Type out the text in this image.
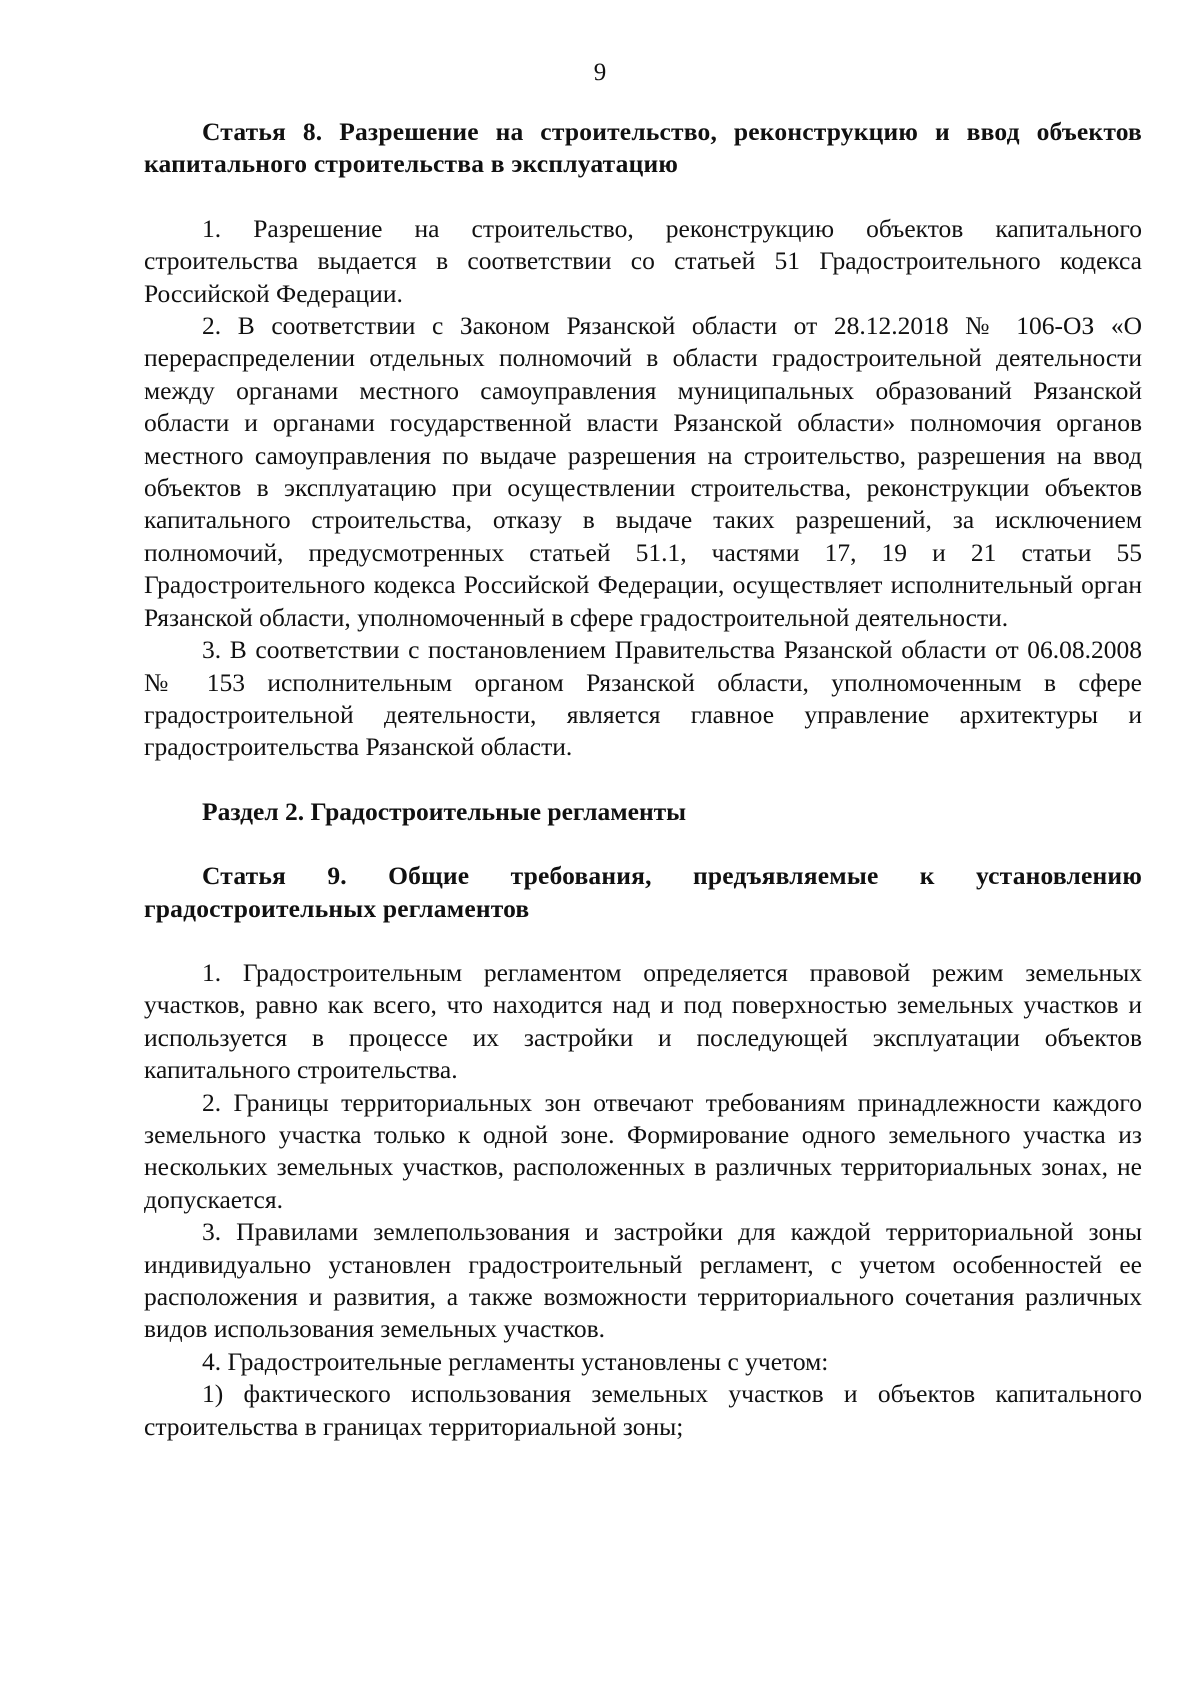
9
Статья 8. Разрешение на строительство, реконструкцию и ввод объектов капитального строительства в эксплуатацию

1. Разрешение на строительство, реконструкцию объектов капитального строительства выдается в соответствии со статьей 51 Градостроительного кодекса Российской Федерации.

2. В соответствии с Законом Рязанской области от 28.12.2018 № 106-ОЗ «О перераспределении отдельных полномочий в области градостроительной деятельности между органами местного самоуправления муниципальных образований Рязанской области и органами государственной власти Рязанской области» полномочия органов местного самоуправления по выдаче разрешения на строительство, разрешения на ввод объектов в эксплуатацию при осуществлении строительства, реконструкции объектов капитального строительства, отказу в выдаче таких разрешений, за исключением полномочий, предусмотренных статьей 51.1, частями 17, 19 и 21 статьи 55 Градостроительного кодекса Российской Федерации, осуществляет исполнительный орган Рязанской области, уполномоченный в сфере градостроительной деятельности.

3. В соответствии с постановлением Правительства Рязанской области от 06.08.2008 № 153 исполнительным органом Рязанской области, уполномоченным в сфере градостроительной деятельности, является главное управление архитектуры и градостроительства Рязанской области.

Раздел 2. Градостроительные регламенты
Статья 9. Общие требования, предъявляемые к установлению градостроительных регламентов

1. Градостроительным регламентом определяется правовой режим земельных участков, равно как всего, что находится над и под поверхностью земельных участков и используется в процессе их застройки и последующей эксплуатации объектов капитального строительства.

2. Границы территориальных зон отвечают требованиям принадлежности каждого земельного участка только к одной зоне. Формирование одного земельного участка из нескольких земельных участков, расположенных в различных территориальных зонах, не допускается.

3. Правилами землепользования и застройки для каждой территориальной зоны индивидуально установлен градостроительный регламент, с учетом особенностей ее расположения и развития, а также возможности территориального сочетания различных видов использования земельных участков.

4. Градостроительные регламенты установлены с учетом:

1) фактического использования земельных участков и объектов капитального строительства в границах территориальной зоны;
